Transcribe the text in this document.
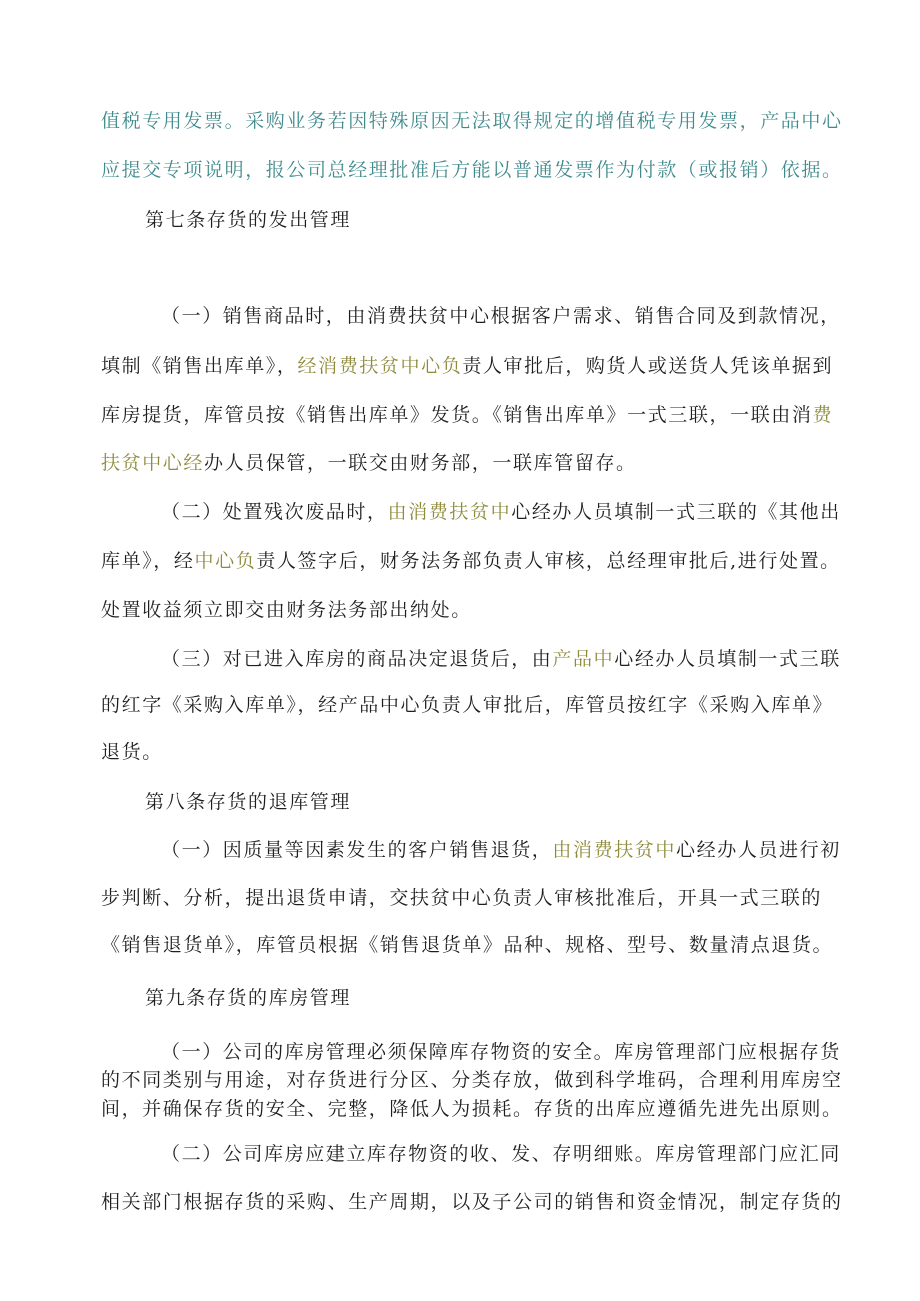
值税专用发票。采购业务若因特殊原因无法取得规定的增值税专用发票，产品中心
应提交专项说明，报公司总经理批准后方能以普通发票作为付款（或报销）依据。
第七条存货的发出管理
（一）销售商品时，由消费扶贫中心根据客户需求、销售合同及到款情况，
填制《销售出库单》，经消费扶贫中心负责人审批后，购货人或送货人凭该单据到
库房提货，库管员按《销售出库单》发货。《销售出库单》一式三联，一联由消费
扶贫中心经办人员保管，一联交由财务部，一联库管留存。
（二）处置残次废品时，由消费扶贫中心经办人员填制一式三联的《其他出
库单》，经中心负责人签字后，财务法务部负责人审核，总经理审批后,进行处置。
处置收益须立即交由财务法务部出纳处。
（三）对已进入库房的商品决定退货后，由产品中心经办人员填制一式三联
的红字《采购入库单》，经产品中心负责人审批后，库管员按红字《采购入库单》
退货。
第八条存货的退库管理
（一）因质量等因素发生的客户销售退货，由消费扶贫中心经办人员进行初
步判断、分析，提出退货申请，交扶贫中心负责人审核批准后，开具一式三联的
《销售退货单》，库管员根据《销售退货单》品种、规格、型号、数量清点退货。
第九条存货的库房管理
（一）公司的库房管理必须保障库存物资的安全。库房管理部门应根据存货
的不同类别与用途，对存货进行分区、分类存放，做到科学堆码，合理利用库房空
间，并确保存货的安全、完整，降低人为损耗。存货的出库应遵循先进先出原则。
（二）公司库房应建立库存物资的收、发、存明细账。库房管理部门应汇同
相关部门根据存货的采购、生产周期，以及子公司的销售和资金情况，制定存货的
